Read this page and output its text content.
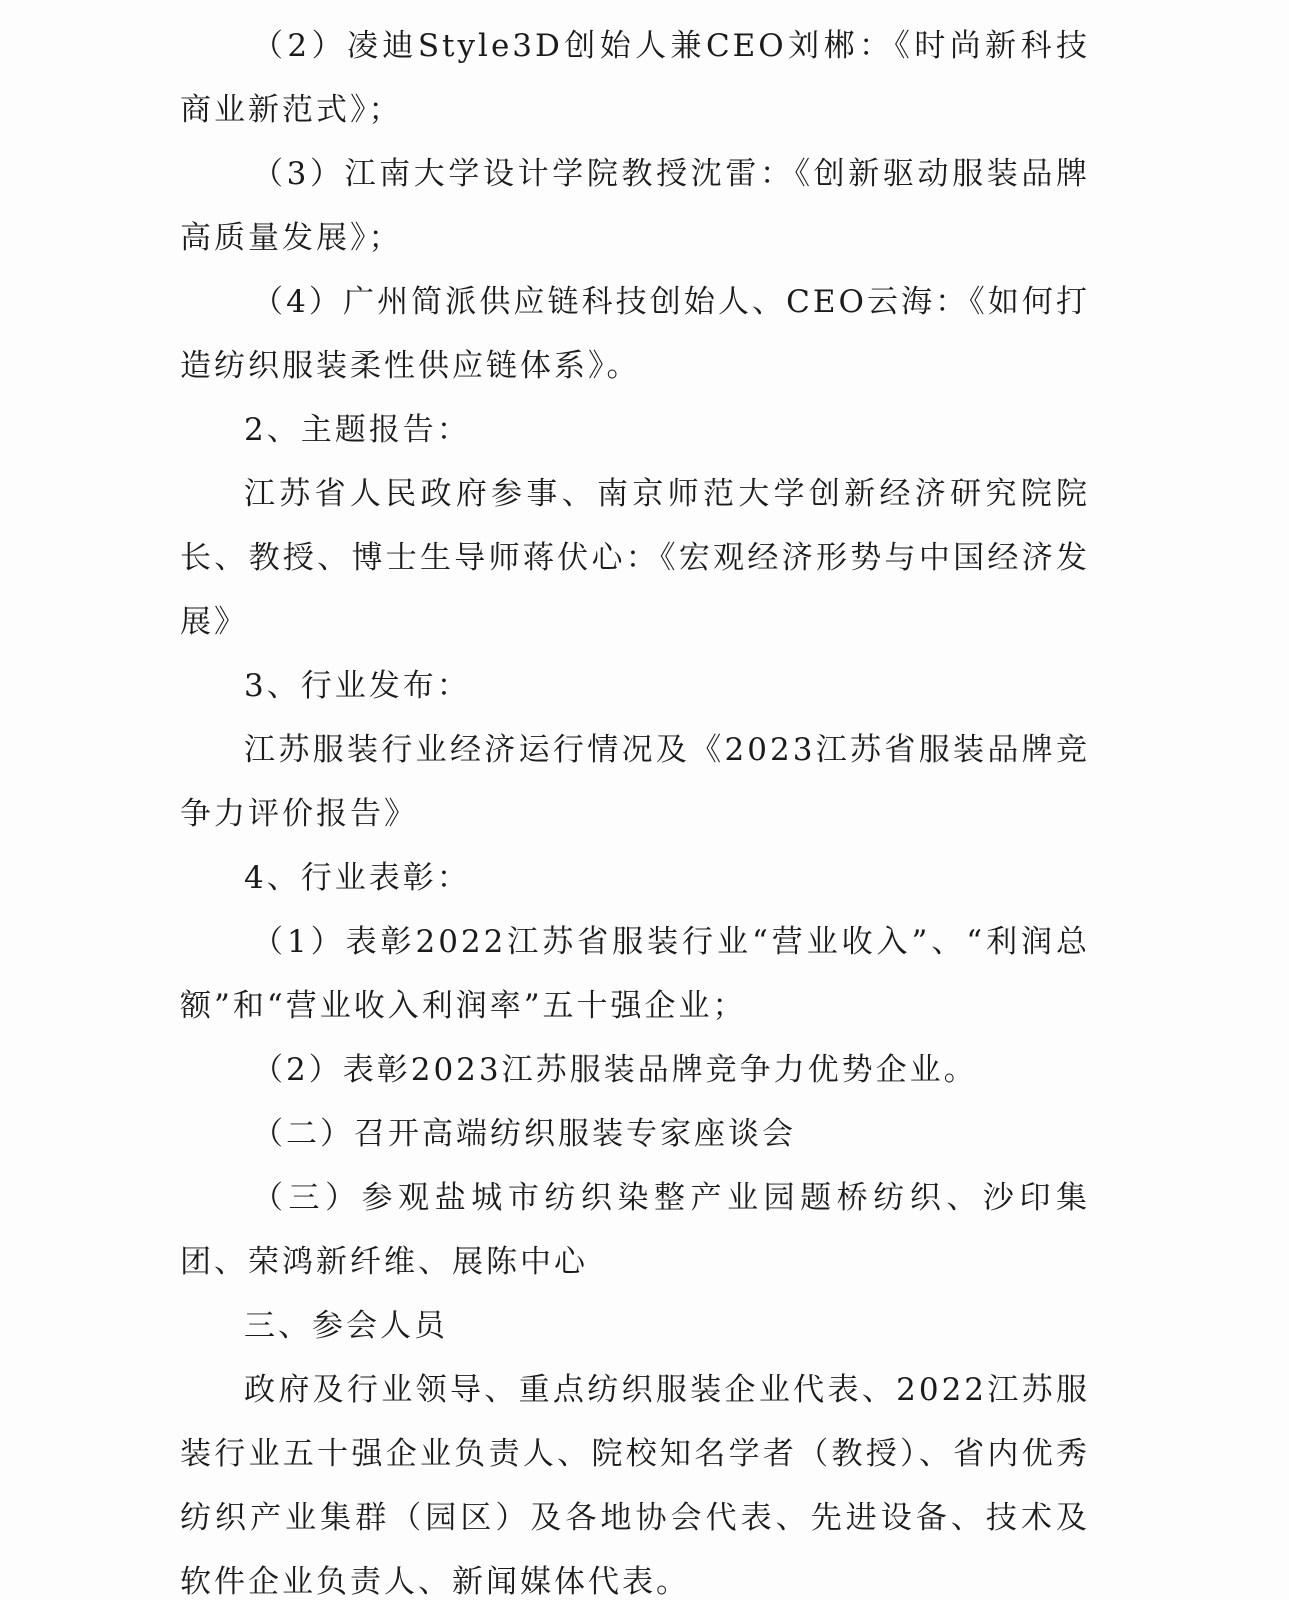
（2）凌迪Style3D创始人兼CEO刘郴：《时尚新科技 商业新范式》；

（3）江南大学设计学院教授沈雷：《创新驱动服装品牌高质量发展》；

（4）广州简派供应链科技创始人、CEO云海：《如何打造纺织服装柔性供应链体系》。

2、主题报告：

江苏省人民政府参事、南京师范大学创新经济研究院院长、教授、博士生导师蒋伏心：《宏观经济形势与中国经济发展》

3、行业发布：

江苏服装行业经济运行情况及《2023江苏省服装品牌竞争力评价报告》

4、行业表彰：

（1）表彰2022江苏省服装行业“营业收入”、“利润总额”和“营业收入利润率”五十强企业；

（2）表彰2023江苏服装品牌竞争力优势企业。

（二）召开高端纺织服装专家座谈会

（三）参观盐城市纺织染整产业园题桥纺织、沙印集团、荣鸿新纤维、展陈中心

三、参会人员

政府及行业领导、重点纺织服装企业代表、2022江苏服装行业五十强企业负责人、院校知名学者（教授）、省内优秀纺织产业集群（园区）及各地协会代表、先进设备、技术及软件企业负责人、新闻媒体代表。
